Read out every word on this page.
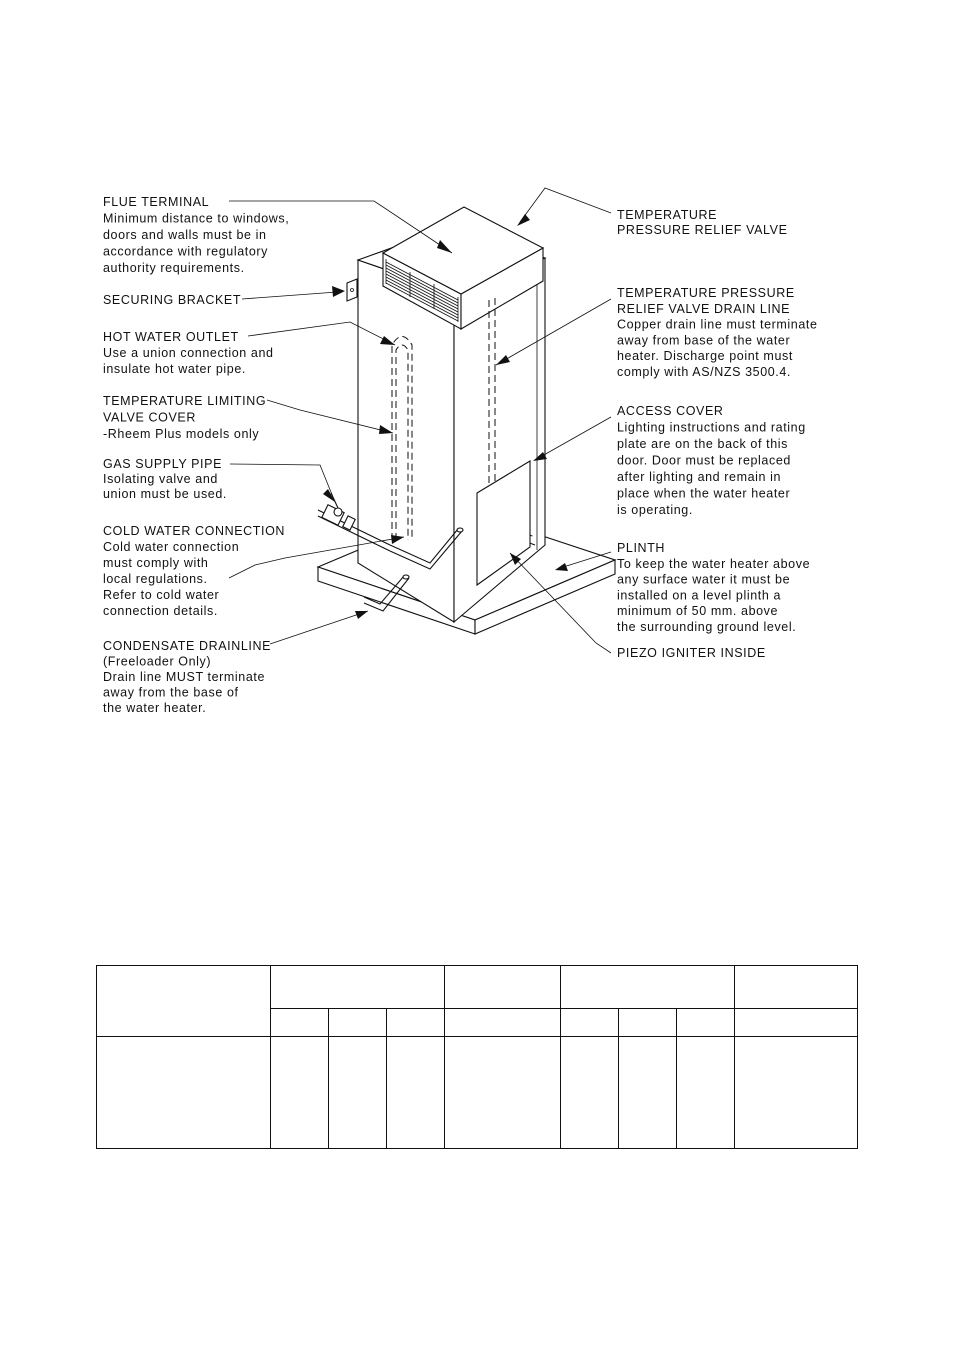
FLUE TERMINAL Minimum distance to windows, doors and walls must be in accordance with regulatory authority requirements.
SECURING BRACKET
HOT WATER OUTLET Use a union connection and insulate hot water pipe.
TEMPERATURE LIMITING VALVE COVER -Rheem Plus models only
GAS SUPPLY PIPE Isolating valve and union must be used.
COLD WATER CONNECTION Cold water connection must comply with local regulations. Refer to cold water connection details.
CONDENSATE DRAINLINE (Freeloader Only) Drain line MUST terminate away from the base of the water heater.
TEMPERATURE PRESSURE RELIEF VALVE
TEMPERATURE PRESSURE RELIEF VALVE DRAIN LINE Copper drain line must terminate away from base of the water heater. Discharge point must comply with AS/NZS 3500.4.
ACCESS COVER Lighting instructions and rating plate are on the back of this door. Door must be replaced after lighting and remain in place when the water heater is operating.
PLINTH To keep the water heater above any surface water it must be installed on a level plinth a minimum of 50 mm. above the surrounding ground level.
PIEZO IGNITER INSIDE
